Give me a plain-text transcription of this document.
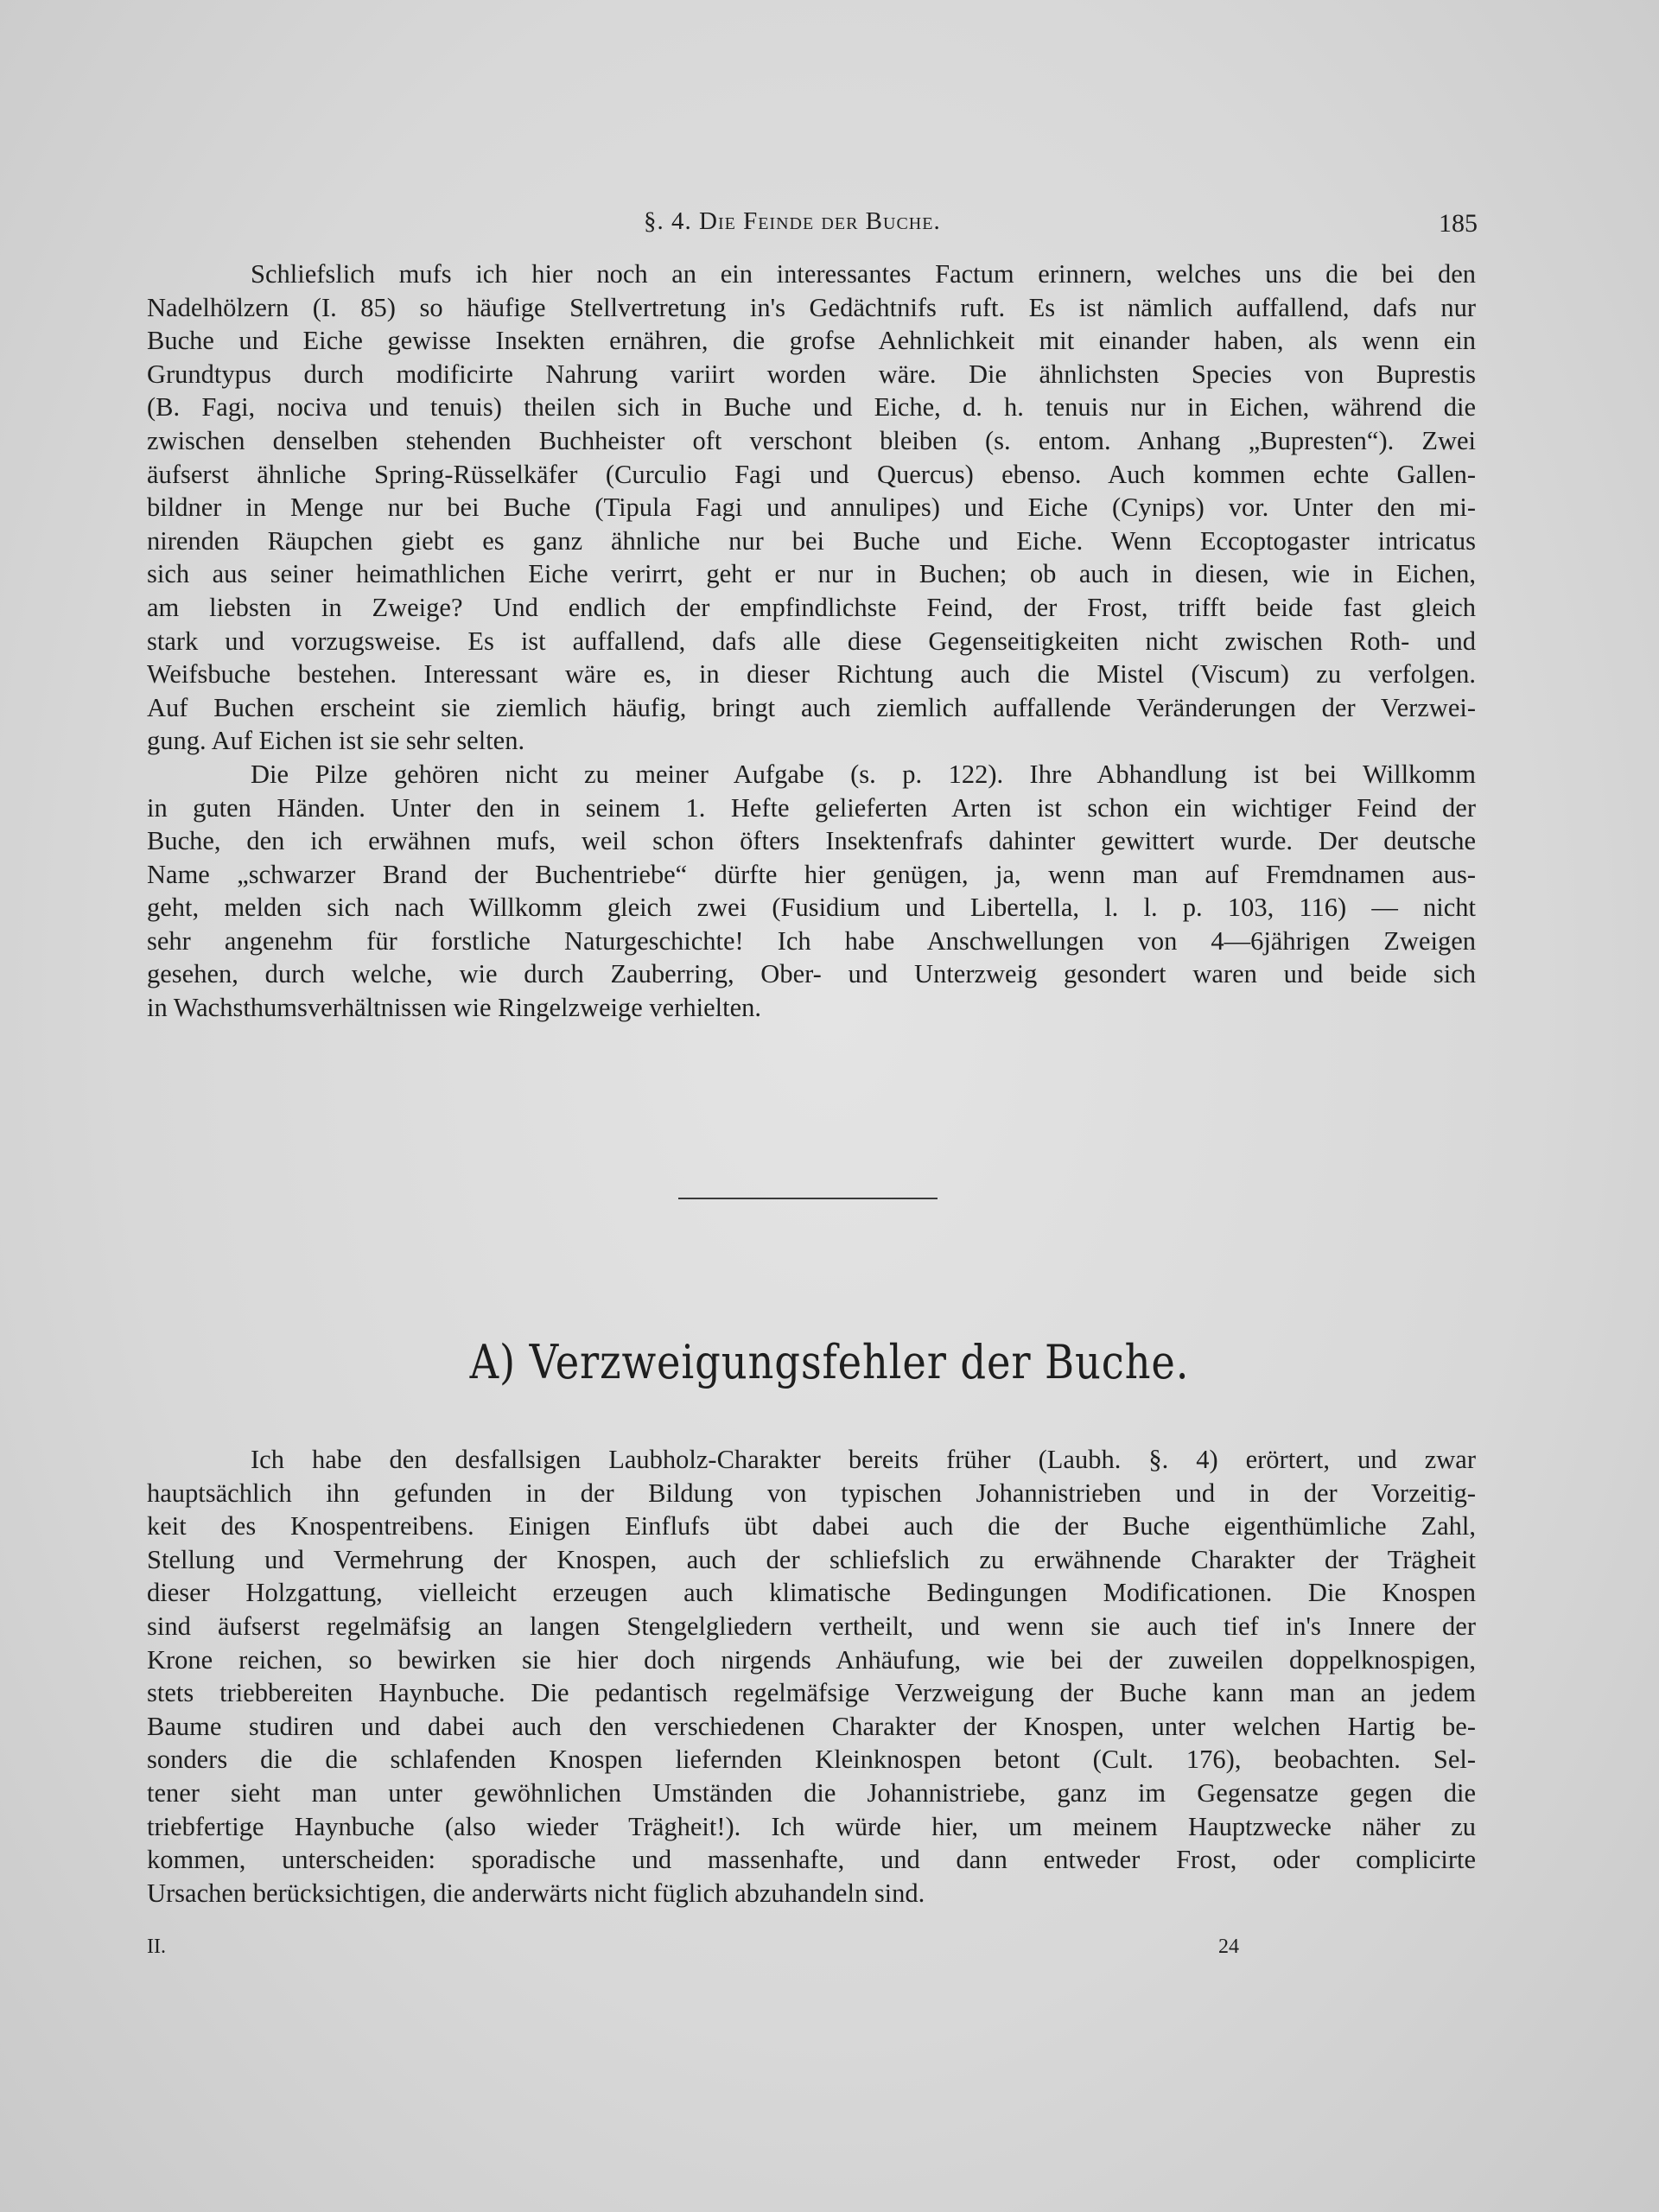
§. 4. Die Feinde der Buche.	185
Schliefslich mufs ich hier noch an ein interessantes Factum erinnern, welches uns die bei den
Nadelhölzern (I. 85) so häufige Stellvertretung in's Gedächtnifs ruft. Es ist nämlich auffallend, dafs nur
Buche und Eiche gewisse Insekten ernähren, die grofse Aehnlichkeit mit einander haben, als wenn ein
Grundtypus durch modificirte Nahrung variirt worden wäre. Die ähnlichsten Species von Buprestis
(B. Fagi, nociva und tenuis) theilen sich in Buche und Eiche, d. h. tenuis nur in Eichen, während die
zwischen denselben stehenden Buchheister oft verschont bleiben (s. entom. Anhang „Bupresten“). Zwei
äufserst ähnliche Spring-Rüsselkäfer (Curculio Fagi und Quercus) ebenso. Auch kommen echte Gallen-
bildner in Menge nur bei Buche (Tipula Fagi und annulipes) und Eiche (Cynips) vor. Unter den mi-
nirenden Räupchen giebt es ganz ähnliche nur bei Buche und Eiche. Wenn Eccoptogaster intricatus
sich aus seiner heimathlichen Eiche verirrt, geht er nur in Buchen; ob auch in diesen, wie in Eichen,
am liebsten in Zweige? Und endlich der empfindlichste Feind, der Frost, trifft beide fast gleich
stark und vorzugsweise. Es ist auffallend, dafs alle diese Gegenseitigkeiten nicht zwischen Roth- und
Weifsbuche bestehen. Interessant wäre es, in dieser Richtung auch die Mistel (Viscum) zu verfolgen.
Auf Buchen erscheint sie ziemlich häufig, bringt auch ziemlich auffallende Veränderungen der Verzwei-
gung. Auf Eichen ist sie sehr selten.
Die Pilze gehören nicht zu meiner Aufgabe (s. p. 122). Ihre Abhandlung ist bei Willkomm
in guten Händen. Unter den in seinem 1. Hefte gelieferten Arten ist schon ein wichtiger Feind der
Buche, den ich erwähnen mufs, weil schon öfters Insektenfrafs dahinter gewittert wurde. Der deutsche
Name „schwarzer Brand der Buchentriebe“ dürfte hier genügen, ja, wenn man auf Fremdnamen aus-
geht, melden sich nach Willkomm gleich zwei (Fusidium und Libertella, l. l. p. 103, 116) — nicht
sehr angenehm für forstliche Naturgeschichte! Ich habe Anschwellungen von 4—6jährigen Zweigen
gesehen, durch welche, wie durch Zauberring, Ober- und Unterzweig gesondert waren und beide sich
in Wachsthumsverhältnissen wie Ringelzweige verhielten.
A) Verzweigungsfehler der Buche.
Ich habe den desfallsigen Laubholz-Charakter bereits früher (Laubh. §. 4) erörtert, und zwar
hauptsächlich ihn gefunden in der Bildung von typischen Johannistrieben und in der Vorzeitig-
keit des Knospentreibens. Einigen Einflufs übt dabei auch die der Buche eigenthümliche Zahl,
Stellung und Vermehrung der Knospen, auch der schliefslich zu erwähnende Charakter der Trägheit
dieser Holzgattung, vielleicht erzeugen auch klimatische Bedingungen Modificationen. Die Knospen
sind äufserst regelmäfsig an langen Stengelgliedern vertheilt, und wenn sie auch tief in's Innere der
Krone reichen, so bewirken sie hier doch nirgends Anhäufung, wie bei der zuweilen doppelknospigen,
stets triebbereiten Haynbuche. Die pedantisch regelmäfsige Verzweigung der Buche kann man an jedem
Baume studiren und dabei auch den verschiedenen Charakter der Knospen, unter welchen Hartig be-
sonders die die schlafenden Knospen liefernden Kleinknospen betont (Cult. 176), beobachten. Sel-
tener sieht man unter gewöhnlichen Umständen die Johannistriebe, ganz im Gegensatze gegen die
triebfertige Haynbuche (also wieder Trägheit!). Ich würde hier, um meinem Hauptzwecke näher zu
kommen, unterscheiden: sporadische und massenhafte, und dann entweder Frost, oder complicirte
Ursachen berücksichtigen, die anderwärts nicht füglich abzuhandeln sind.
II.	24
